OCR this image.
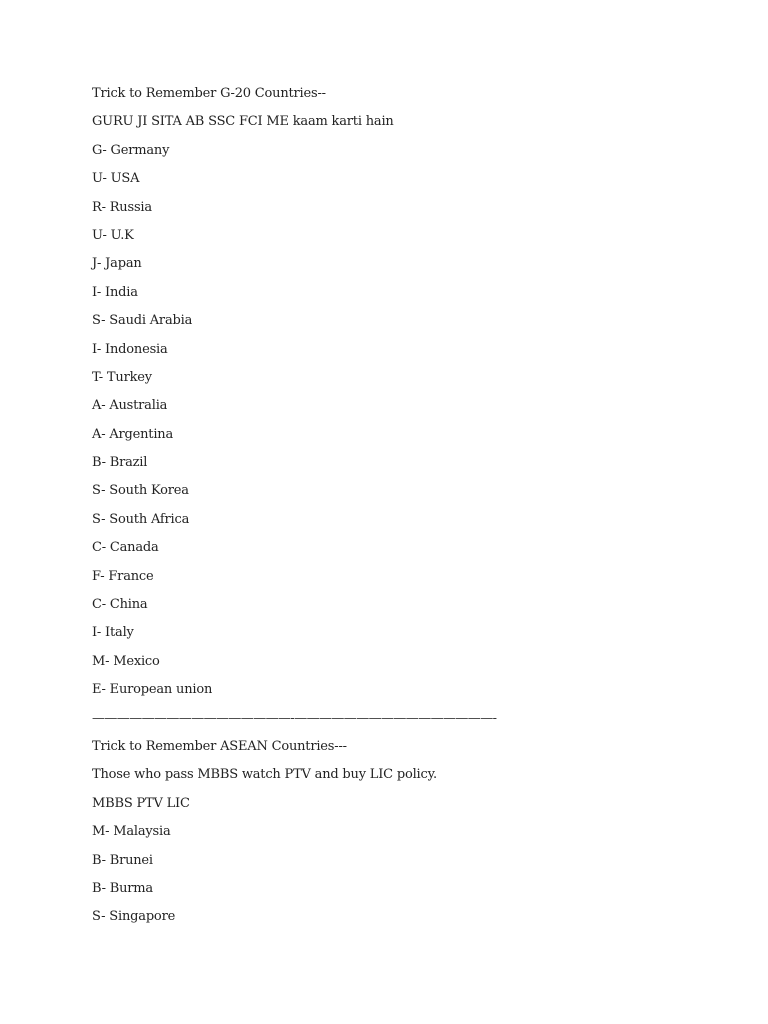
Trick to Remember G-20 Countries--
GURU JI SITA AB SSC FCI ME kaam karti hain
G- Germany
U- USA
R- Russia
U- U.K
J- Japan
I- India
S- Saudi Arabia
I- Indonesia
T- Turkey
A- Australia
A- Argentina
B- Brazil
S- South Korea
S- South Africa
C- Canada
F- France
C- China
I- Italy
M- Mexico
E- European union
————————————————-————————————————-
Trick to Remember ASEAN Countries---
Those who pass MBBS watch PTV and buy LIC policy.
MBBS PTV LIC
M- Malaysia
B- Brunei
B- Burma
S- Singapore
